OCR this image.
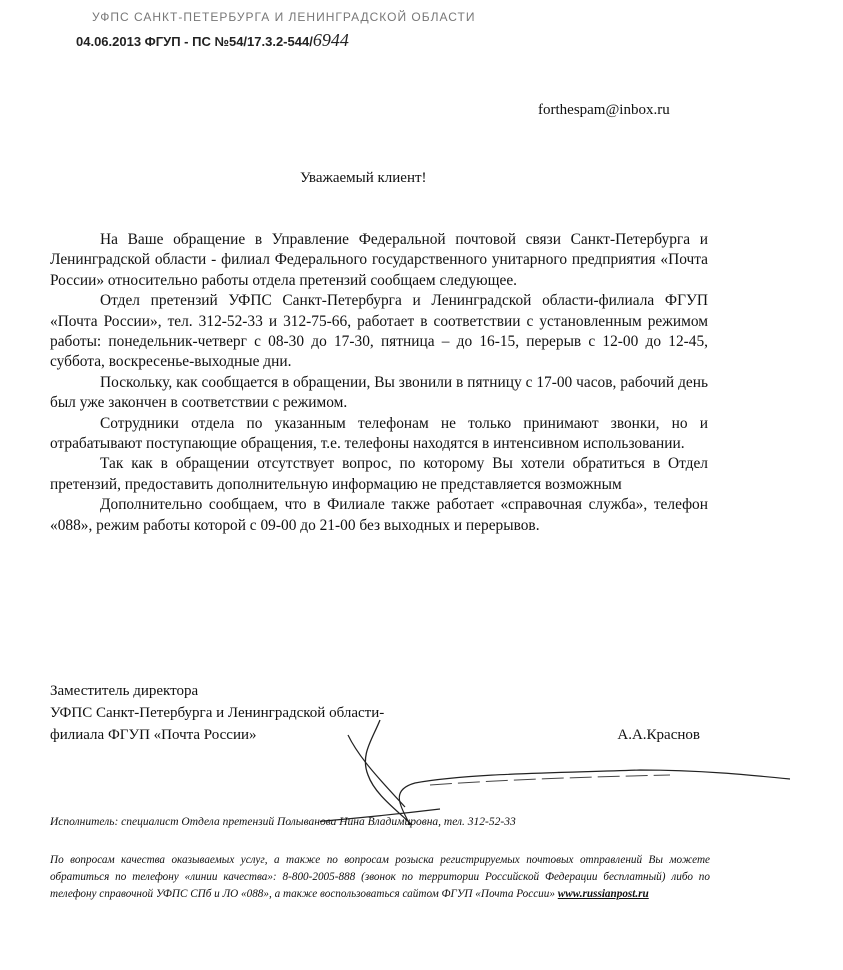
УФПС САНКТ-ПЕТЕРБУРГА И ЛЕНИНГРАДСКОЙ ОБЛАСТИ
04.06.2013 ФГУП - ПС №54/17.3.2-544/6944
forthespam@inbox.ru
Уважаемый клиент!

На Ваше обращение в Управление Федеральной почтовой связи Санкт-Петербурга и Ленинградской области - филиал Федерального государственного унитарного предприятия «Почта России» относительно работы отдела претензий сообщаем следующее.

Отдел претензий УФПС Санкт-Петербурга и Ленинградской области-филиала ФГУП «Почта России», тел. 312-52-33 и 312-75-66, работает в соответствии с установленным режимом работы: понедельник-четверг с 08-30 до 17-30, пятница – до 16-15, перерыв с 12-00 до 12-45, суббота, воскресенье-выходные дни.

Поскольку, как сообщается в обращении, Вы звонили в пятницу с 17-00 часов, рабочий день был уже закончен в соответствии с режимом.

Сотрудники отдела по указанным телефонам не только принимают звонки, но и отрабатывают поступающие обращения, т.е. телефоны находятся в интенсивном использовании.

Так как в обращении отсутствует вопрос, по которому Вы хотели обратиться в Отдел претензий, предоставить дополнительную информацию не представляется возможным

Дополнительно сообщаем, что в Филиале также работает «справочная служба», телефон «088», режим работы которой с 09-00 до 21-00 без выходных и перерывов.

Заместитель директора
УФПС Санкт-Петербурга и Ленинградской области-
филиала ФГУП «Почта России»	А.А.Краснов
Исполнитель: специалист Отдела претензий Полыванова Нина Владимировна, тел. 312-52-33
По вопросам качества оказываемых услуг, а также по вопросам розыска регистрируемых почтовых отправлений Вы можете обратиться по телефону «линии качества»: 8-800-2005-888 (звонок по территории Российской Федерации бесплатный) либо по телефону справочной УФПС СПб и ЛО «088», а также воспользоваться сайтом ФГУП «Почта России» www.russianpost.ru
